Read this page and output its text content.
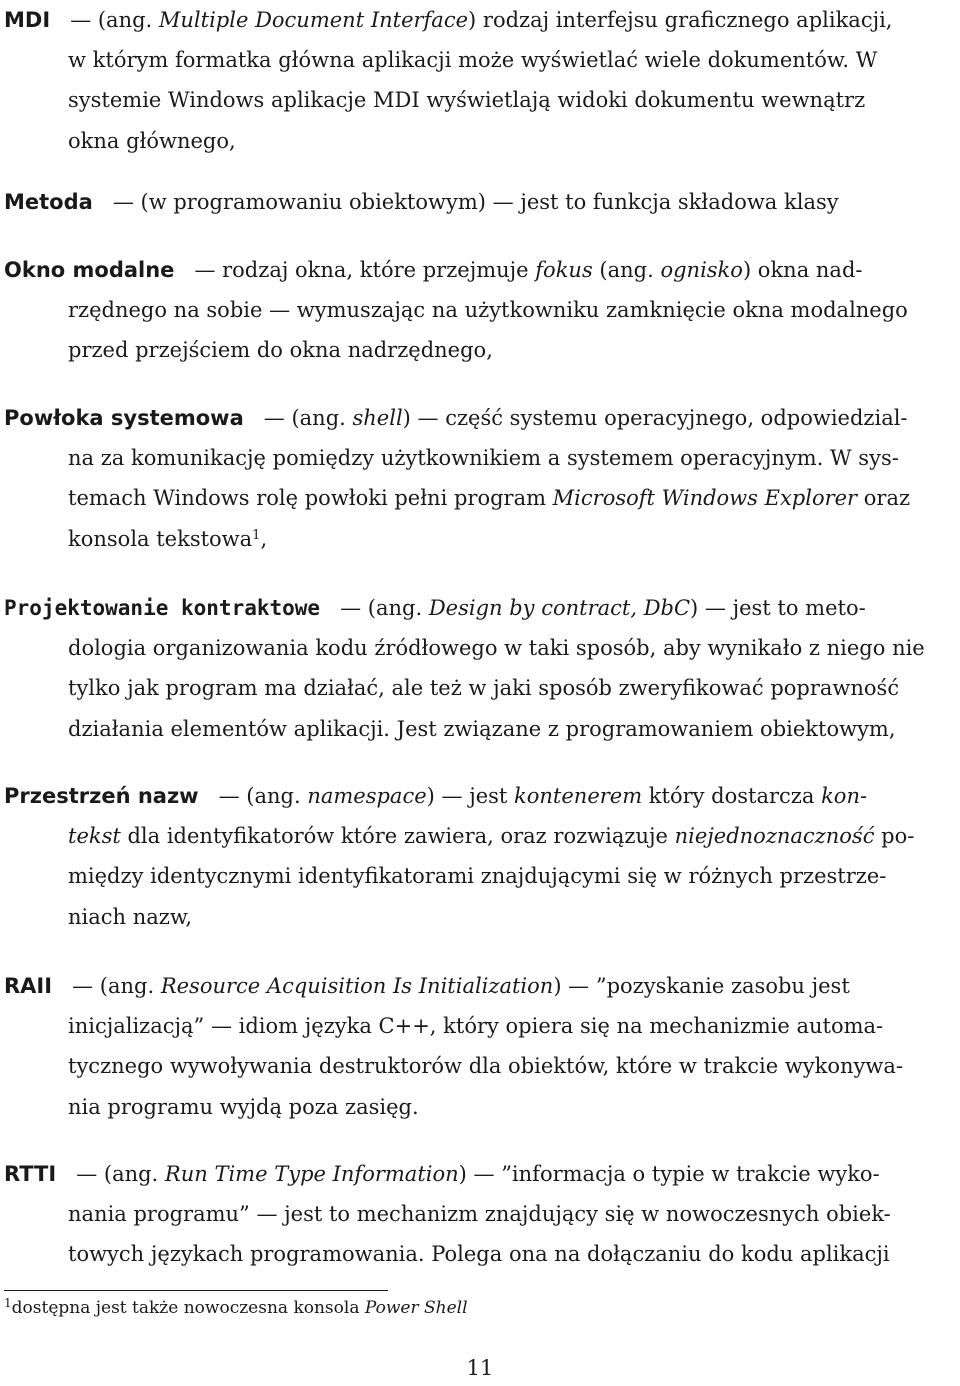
MDI — (ang. Multiple Document Interface) rodzaj interfejsu graficznego aplikacji,
w którym formatka główna aplikacji może wyświetlać wiele dokumentów. W
systemie Windows aplikacje MDI wyświetlają widoki dokumentu wewnątrz
okna głównego,
Metoda — (w programowaniu obiektowym) — jest to funkcja składowa klasy
Okno modalne — rodzaj okna, które przejmuje fokus (ang. ognisko) okna nad-
rzędnego na sobie — wymuszając na użytkowniku zamknięcie okna modalnego
przed przejściem do okna nadrzędnego,
Powłoka systemowa — (ang. shell) — część systemu operacyjnego, odpowiedzial-
na za komunikację pomiędzy użytkownikiem a systemem operacyjnym. W sys-
temach Windows rolę powłoki pełni program Microsoft Windows Explorer oraz
konsola tekstowa$^1$,
Projektowanie kontraktowe — (ang. Design by contract, DbC) — jest to meto-
dologia organizowania kodu źródłowego w taki sposób, aby wynikało z niego nie
tylko jak program ma działać, ale też w jaki sposób zweryfikować poprawność
działania elementów aplikacji. Jest związane z programowaniem obiektowym,
Przestrzeń nazw — (ang. namespace) — jest kontenerem który dostarcza kon-
tekst dla identyfikatorów które zawiera, oraz rozwiązuje niejednoznaczność po-
między identycznymi identyfikatorami znajdującymi się w różnych przestrze-
niach nazw,
RAII — (ang. Resource Acquisition Is Initialization) — ”pozyskanie zasobu jest
inicjalizacją” — idiom języka C++, który opiera się na mechanizmie automa-
tycznego wywoływania destruktorów dla obiektów, które w trakcie wykonywa-
nia programu wyjdą poza zasięg.
RTTI — (ang. Run Time Type Information) — ”informacja o typie w trakcie wyko-
nania programu” — jest to mechanizm znajdujący się w nowoczesnych obiek-
towych językach programowania. Polega ona na dołączaniu do kodu aplikacji
$^1$dostępna jest także nowoczesna konsola Power Shell
11
